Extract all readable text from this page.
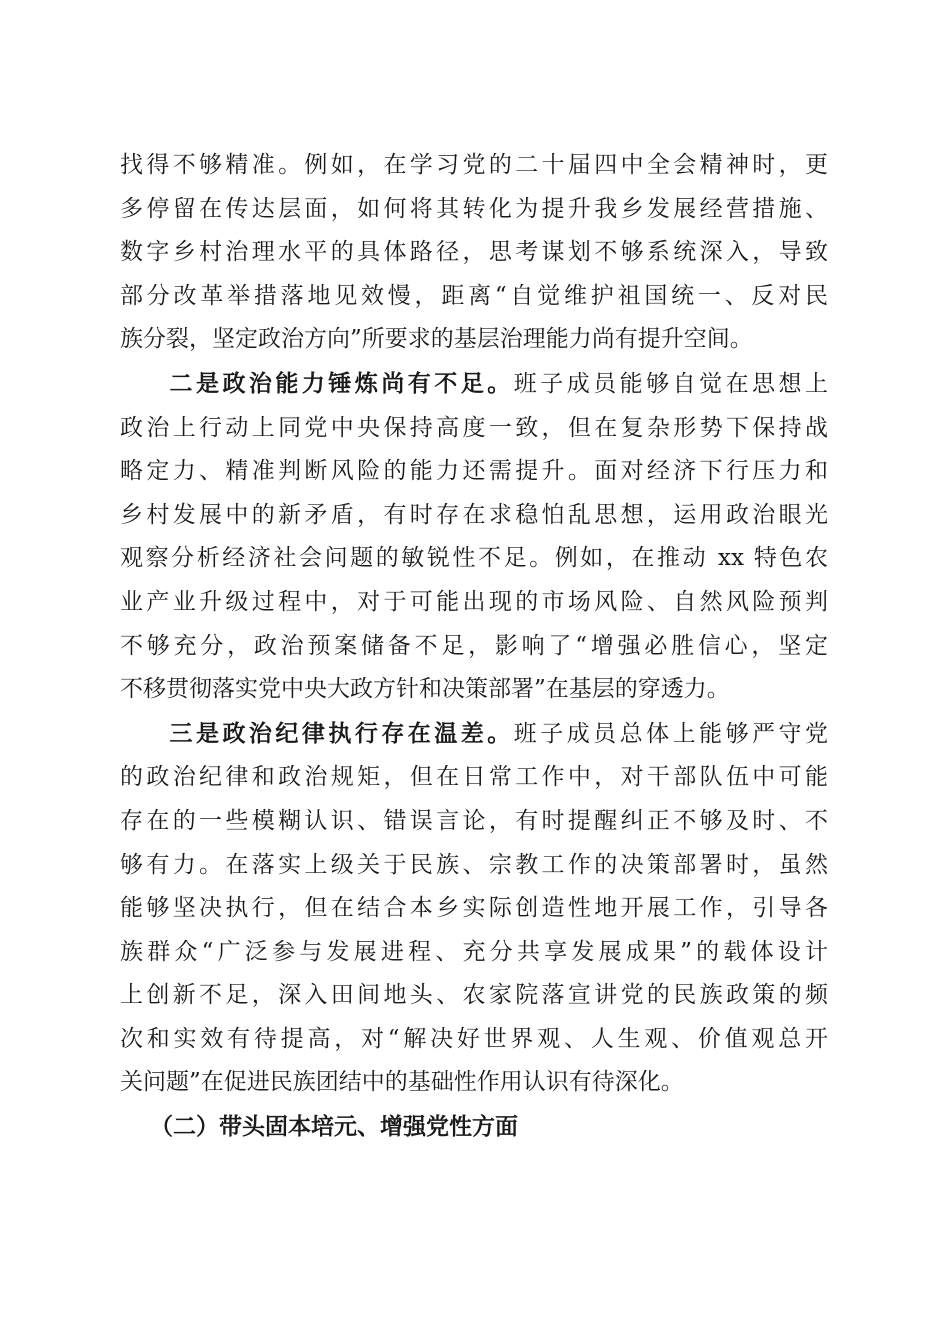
找得不够精准。例如，在学习党的二十届四中全会精神时，更
多停留在传达层面，如何将其转化为提升我乡发展经营措施、
数字乡村治理水平的具体路径，思考谋划不够系统深入，导致
部分改革举措落地见效慢，距离“自觉维护祖国统一、反对民
族分裂，坚定政治方向”所要求的基层治理能力尚有提升空间。
二是政治能力锤炼尚有不足。班子成员能够自觉在思想上
政治上行动上同党中央保持高度一致，但在复杂形势下保持战
略定力、精准判断风险的能力还需提升。面对经济下行压力和
乡村发展中的新矛盾，有时存在求稳怕乱思想，运用政治眼光
观察分析经济社会问题的敏锐性不足。例如，在推动 xx 特色农
业产业升级过程中，对于可能出现的市场风险、自然风险预判
不够充分，政治预案储备不足，影响了“增强必胜信心，坚定
不移贯彻落实党中央大政方针和决策部署”在基层的穿透力。
三是政治纪律执行存在温差。班子成员总体上能够严守党
的政治纪律和政治规矩，但在日常工作中，对干部队伍中可能
存在的一些模糊认识、错误言论，有时提醒纠正不够及时、不
够有力。在落实上级关于民族、宗教工作的决策部署时，虽然
能够坚决执行，但在结合本乡实际创造性地开展工作，引导各
族群众“广泛参与发展进程、充分共享发展成果”的载体设计
上创新不足，深入田间地头、农家院落宣讲党的民族政策的频
次和实效有待提高，对“解决好世界观、人生观、价值观总开
关问题”在促进民族团结中的基础性作用认识有待深化。
（二）带头固本培元、增强党性方面
